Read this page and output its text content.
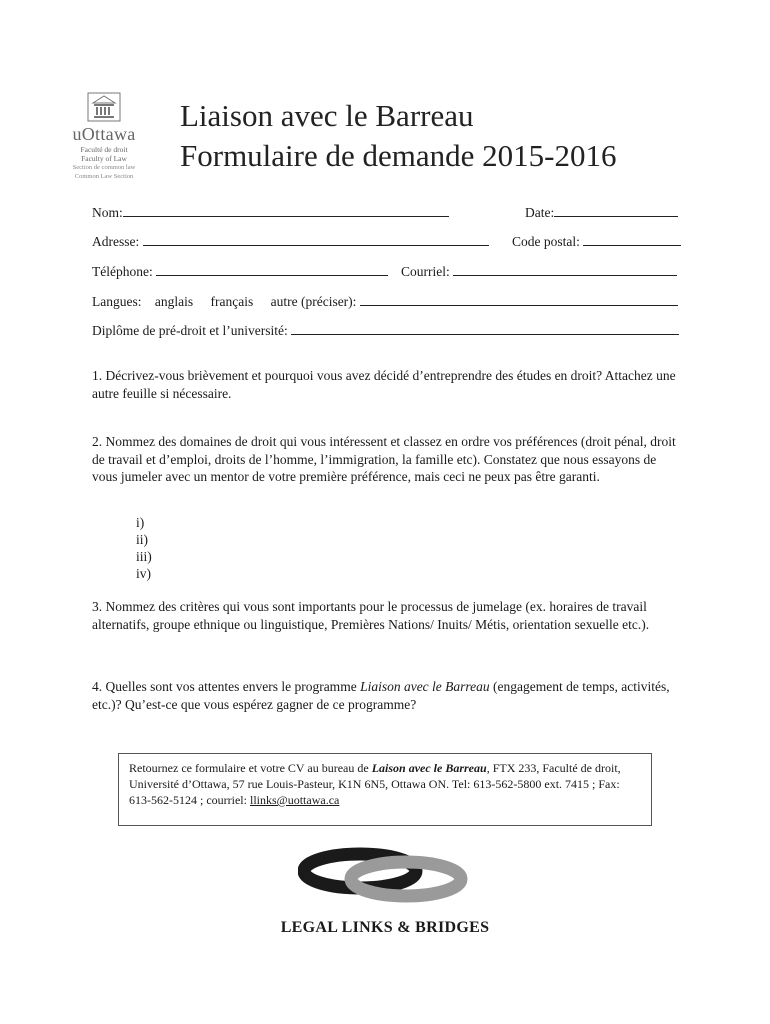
uOttawa
Faculté de droit
Faculty of Law
Section de common law
Common Law Section
Liaison avec le Barreau
Formulaire de demande 2015-2016
Nom:	Date:
Adresse:	Code postal:
Téléphone:	Courriel:
Langues: anglais français autre (préciser):
Diplôme de pré-droit et l’université:

1. Décrivez-vous brièvement et pourquoi vous avez décidé d’entreprendre des études en droit? Attachez une autre feuille si nécessaire.

2. Nommez des domaines de droit qui vous intéressent et classez en ordre vos préférences (droit pénal, droit de travail et d’emploi, droits de l’homme, l’immigration, la famille etc). Constatez que nous essayons de vous jumeler avec un mentor de votre première préférence, mais ceci ne peux pas être garanti.

i)
ii)
iii)
iv)

3. Nommez des critères qui vous sont importants pour le processus de jumelage (ex. horaires de travail alternatifs, groupe ethnique ou linguistique, Premières Nations/ Inuits/ Métis, orientation sexuelle etc.).

4. Quelles sont vos attentes envers le programme Liaison avec le Barreau (engagement de temps, activités, etc.)? Qu’est-ce que vous espérez gagner de ce programme?

Retournez ce formulaire et votre CV au bureau de Laison avec le Barreau, FTX 233, Faculté de droit, Université d’Ottawa, 57 rue Louis-Pasteur, K1N 6N5, Ottawa ON. Tel: 613-562-5800 ext. 7415 ; Fax: 613-562-5124 ; courriel: llinks@uottawa.ca
LEGAL LINKS & BRIDGES
